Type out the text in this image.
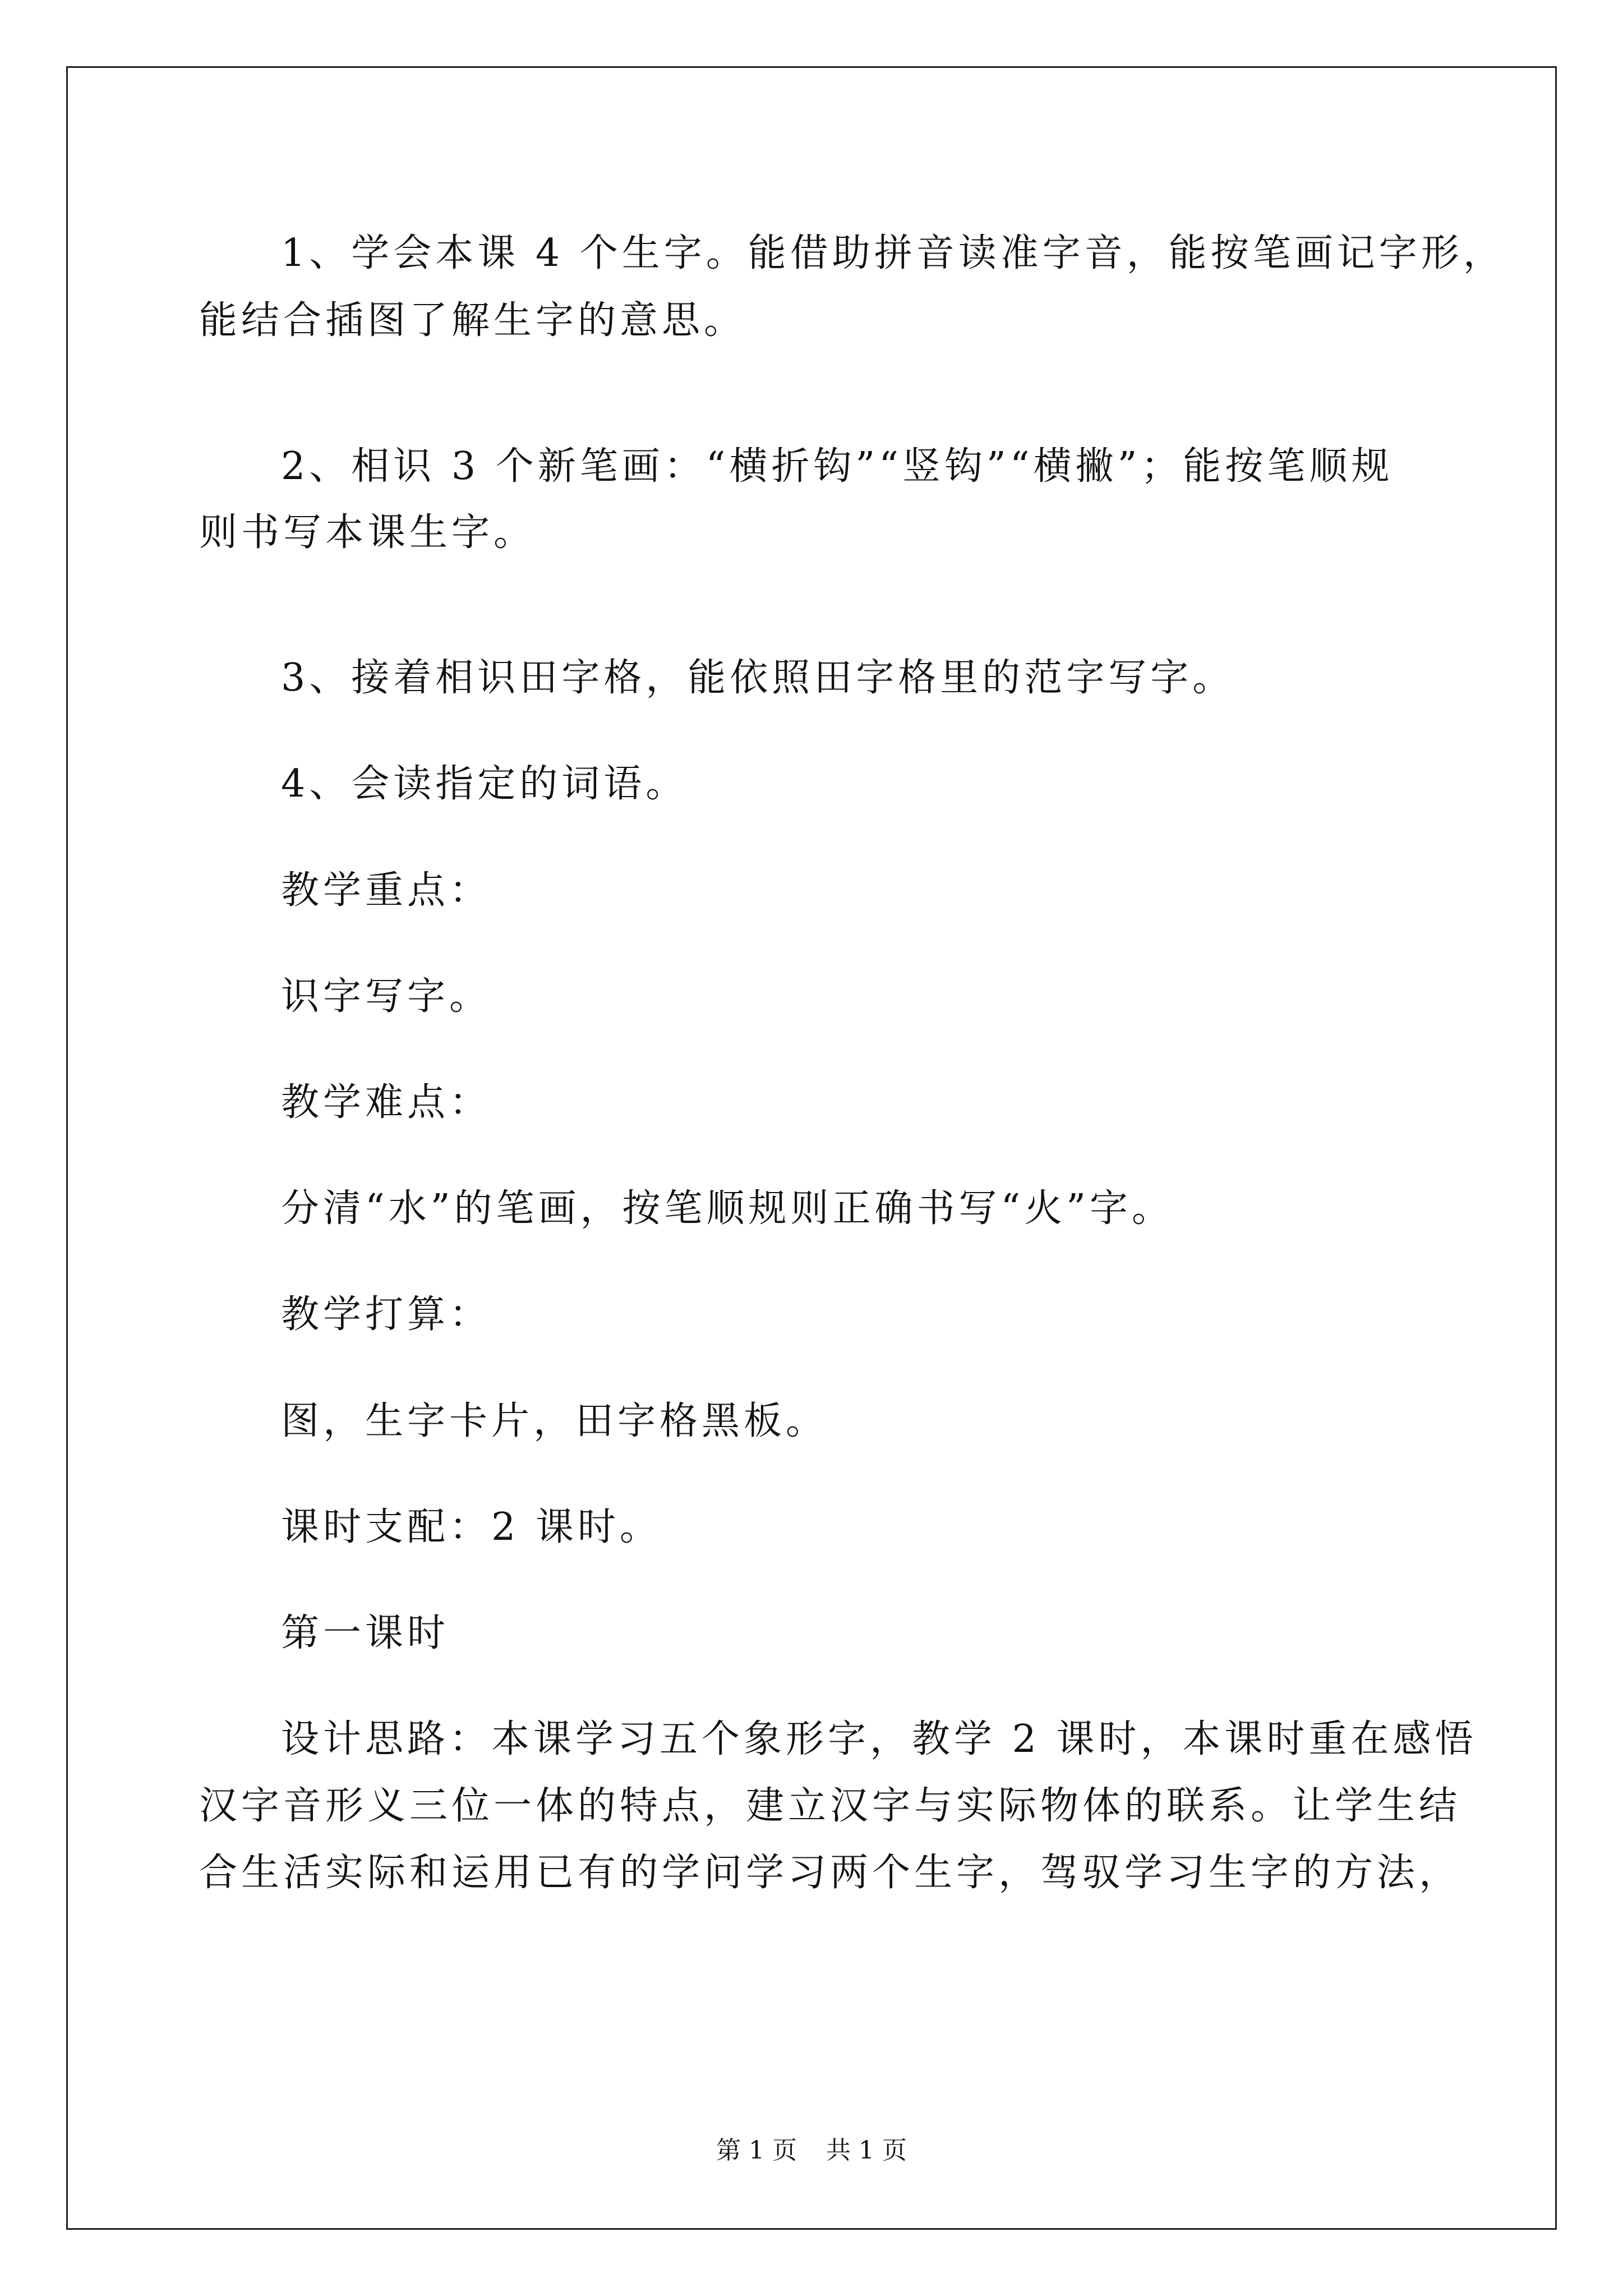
1、学会本课 4 个生字。能借助拼音读准字音，能按笔画记字形，
能结合插图了解生字的意思。
2、相识 3 个新笔画：“横折钩”“竖钩”“横撇”；能按笔顺规
则书写本课生字。
3、接着相识田字格，能依照田字格里的范字写字。
4、会读指定的词语。
教学重点：
识字写字。
教学难点：
分清“水”的笔画，按笔顺规则正确书写“火”字。
教学打算：
图，生字卡片，田字格黑板。
课时支配：2 课时。
第一课时
设计思路：本课学习五个象形字，教学 2 课时，本课时重在感悟
汉字音形义三位一体的特点，建立汉字与实际物体的联系。让学生结
合生活实际和运用已有的学问学习两个生字，驾驭学习生字的方法，
第 1 页 共 1 页
